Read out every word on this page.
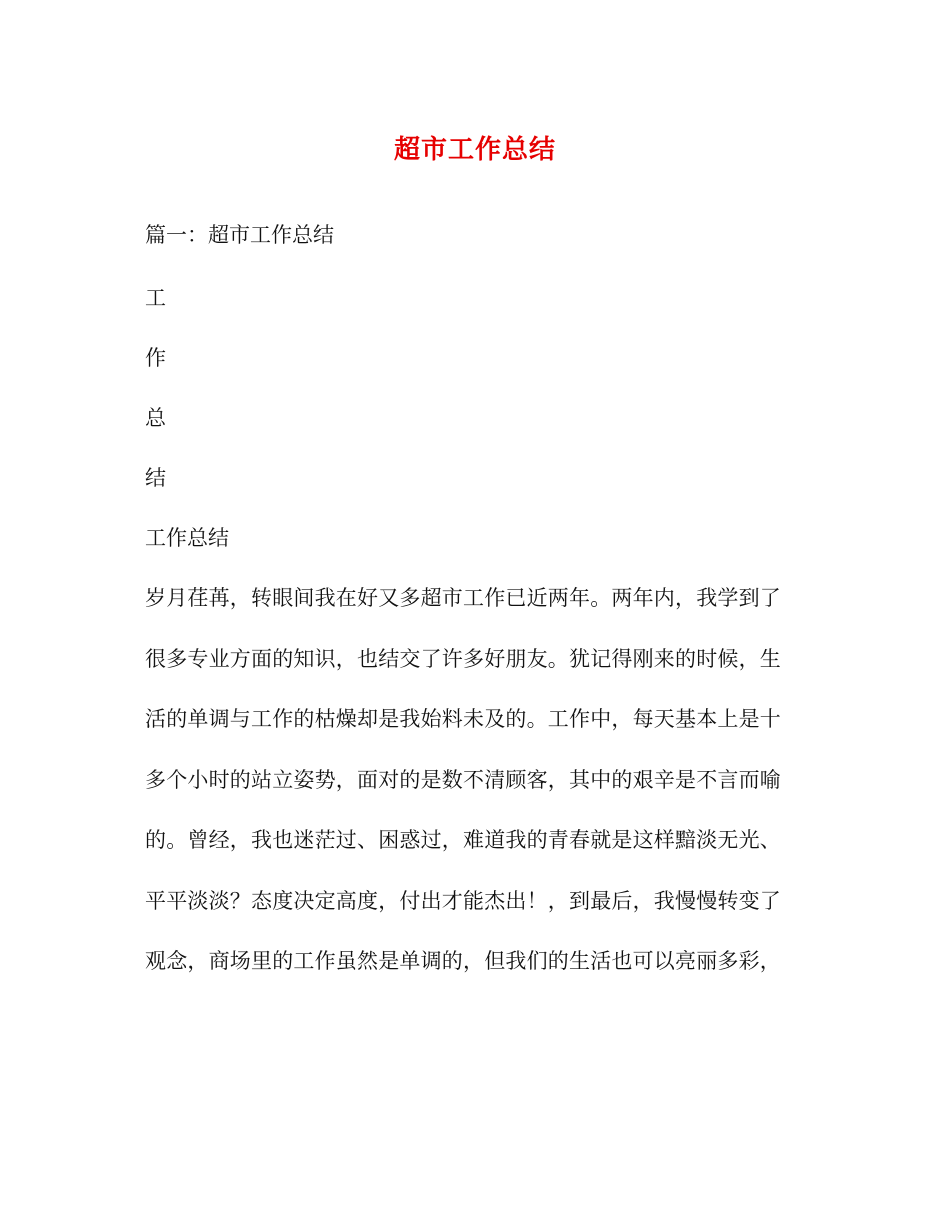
超市工作总结
篇一：超市工作总结
工
作
总
结
工作总结
岁月荏苒，转眼间我在好又多超市工作已近两年。两年内，我学到了
很多专业方面的知识，也结交了许多好朋友。犹记得刚来的时候，生
活的单调与工作的枯燥却是我始料未及的。工作中，每天基本上是十
多个小时的站立姿势，面对的是数不清顾客，其中的艰辛是不言而喻
的。曾经，我也迷茫过、困惑过，难道我的青春就是这样黯淡无光、
平平淡淡？态度决定高度，付出才能杰出！，到最后，我慢慢转变了
观念，商场里的工作虽然是单调的，但我们的生活也可以亮丽多彩，
